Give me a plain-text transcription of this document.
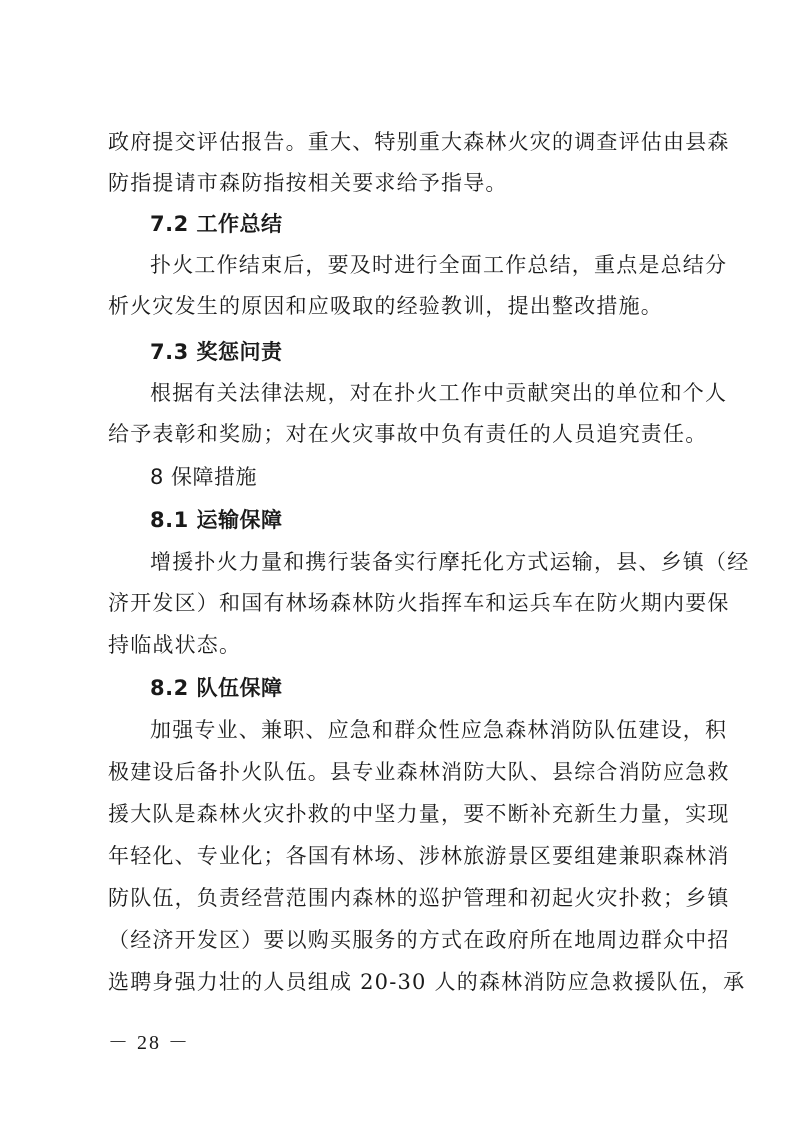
政府提交评估报告。重大、特别重大森林火灾的调查评估由县森
防指提请市森防指按相关要求给予指导。
7.2 工作总结
扑火工作结束后，要及时进行全面工作总结，重点是总结分
析火灾发生的原因和应吸取的经验教训，提出整改措施。
7.3 奖惩问责
根据有关法律法规，对在扑火工作中贡献突出的单位和个人
给予表彰和奖励；对在火灾事故中负有责任的人员追究责任。
8 保障措施
8.1 运输保障
增援扑火力量和携行装备实行摩托化方式运输，县、乡镇（经
济开发区）和国有林场森林防火指挥车和运兵车在防火期内要保
持临战状态。
8.2 队伍保障
加强专业、兼职、应急和群众性应急森林消防队伍建设，积
极建设后备扑火队伍。县专业森林消防大队、县综合消防应急救
援大队是森林火灾扑救的中坚力量，要不断补充新生力量，实现
年轻化、专业化；各国有林场、涉林旅游景区要组建兼职森林消
防队伍，负责经营范围内森林的巡护管理和初起火灾扑救；乡镇
（经济开发区）要以购买服务的方式在政府所在地周边群众中招
选聘身强力壮的人员组成 20-30 人的森林消防应急救援队伍，承
－ 28 －
